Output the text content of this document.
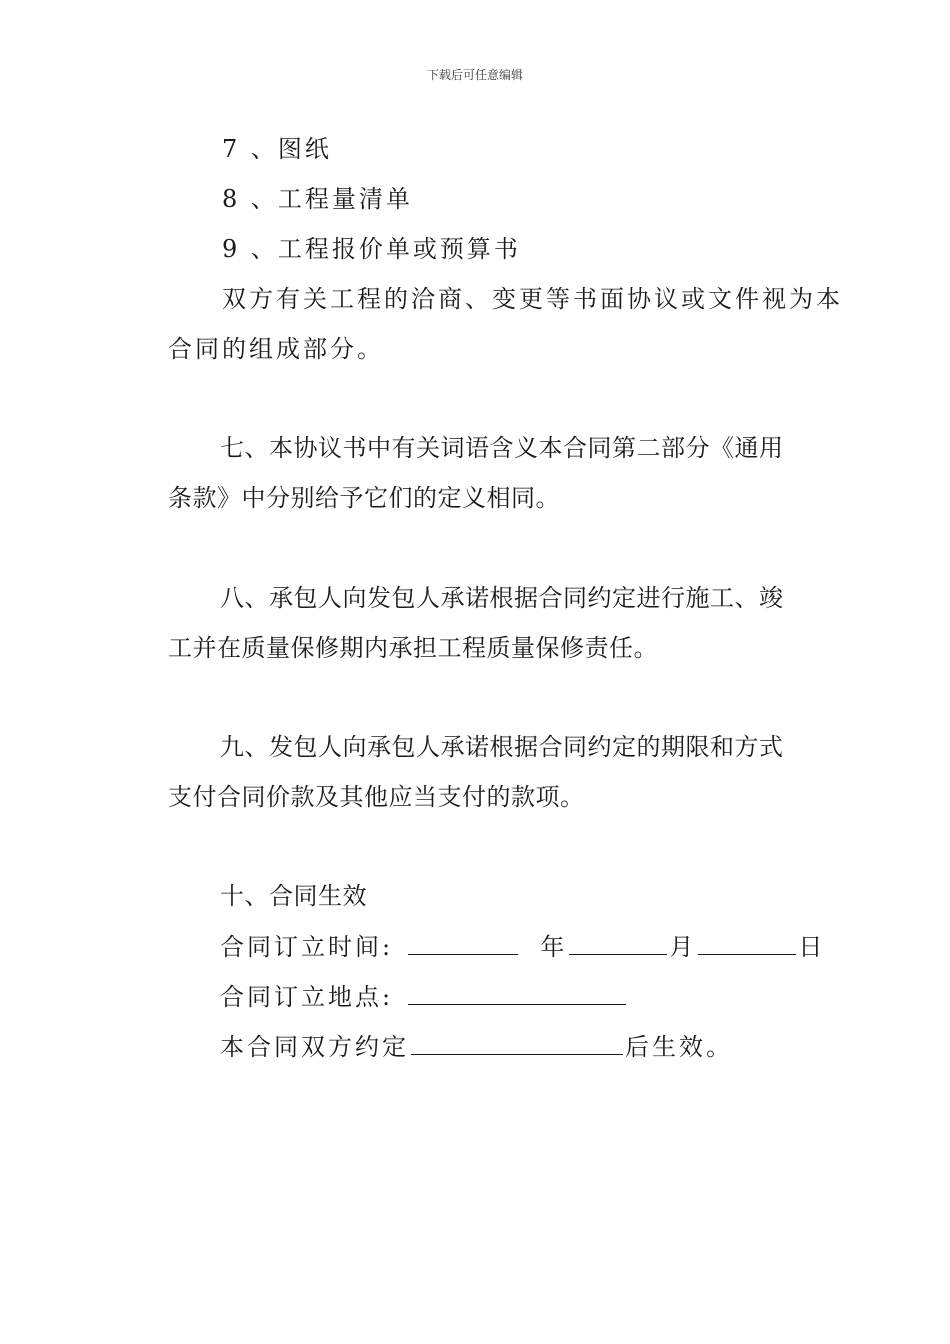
下载后可任意编辑
7 、图纸
8 、工程量清单
9 、工程报价单或预算书
双方有关工程的洽商、变更等书面协议或文件视为本
合同的组成部分。
七、本协议书中有关词语含义本合同第二部分《通用
条款》中分别给予它们的定义相同。
八、承包人向发包人承诺根据合同约定进行施工、竣
工并在质量保修期内承担工程质量保修责任。
九、发包人向承包人承诺根据合同约定的期限和方式
支付合同价款及其他应当支付的款项。
十、合同生效
合同订立时间:	年	月	日
合同订立地点:
本合同双方约定	后生效。
